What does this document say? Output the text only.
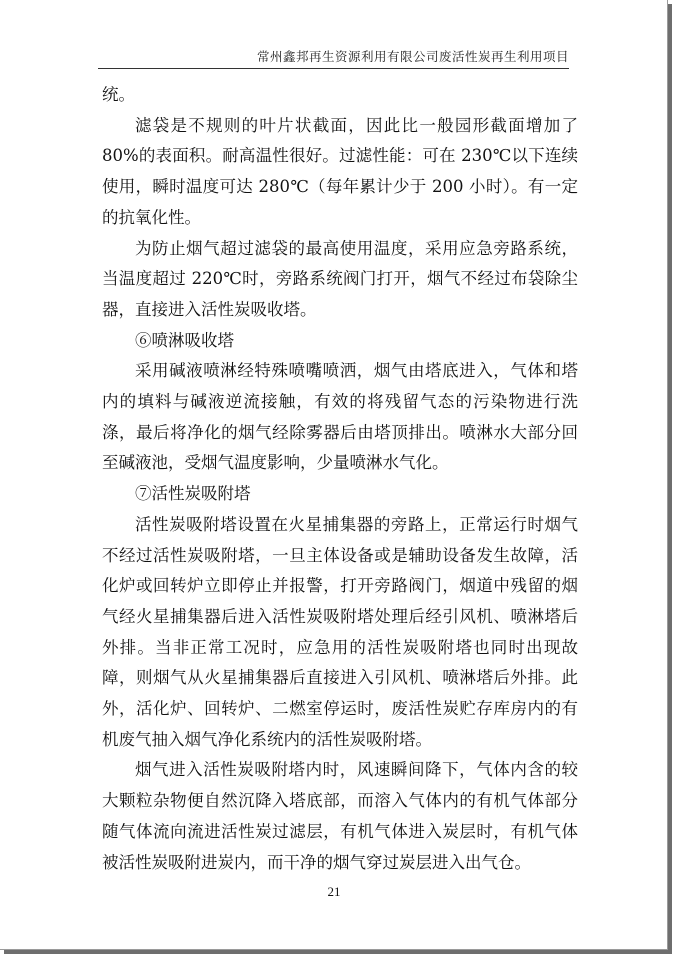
常州鑫邦再生资源利用有限公司废活性炭再生利用项目

统。

滤袋是不规则的叶片状截面，因此比一般园形截面增加了 80%的表面积。耐高温性很好。过滤性能：可在 230℃以下连续使用，瞬时温度可达 280℃（每年累计少于 200 小时）。有一定的抗氧化性。

为防止烟气超过滤袋的最高使用温度，采用应急旁路系统，当温度超过 220℃时，旁路系统阀门打开，烟气不经过布袋除尘器，直接进入活性炭吸收塔。

⑥喷淋吸收塔

采用碱液喷淋经特殊喷嘴喷洒，烟气由塔底进入，气体和塔内的填料与碱液逆流接触，有效的将残留气态的污染物进行洗涤，最后将净化的烟气经除雾器后由塔顶排出。喷淋水大部分回至碱液池，受烟气温度影响，少量喷淋水气化。

⑦活性炭吸附塔

活性炭吸附塔设置在火星捕集器的旁路上，正常运行时烟气不经过活性炭吸附塔，一旦主体设备或是辅助设备发生故障，活化炉或回转炉立即停止并报警，打开旁路阀门，烟道中残留的烟气经火星捕集器后进入活性炭吸附塔处理后经引风机、喷淋塔后外排。当非正常工况时，应急用的活性炭吸附塔也同时出现故障，则烟气从火星捕集器后直接进入引风机、喷淋塔后外排。此外，活化炉、回转炉、二燃室停运时，废活性炭贮存库房内的有机废气抽入烟气净化系统内的活性炭吸附塔。

烟气进入活性炭吸附塔内时，风速瞬间降下，气体内含的较大颗粒杂物便自然沉降入塔底部，而溶入气体内的有机气体部分随气体流向流进活性炭过滤层，有机气体进入炭层时，有机气体被活性炭吸附进炭内，而干净的烟气穿过炭层进入出气仓。

21
